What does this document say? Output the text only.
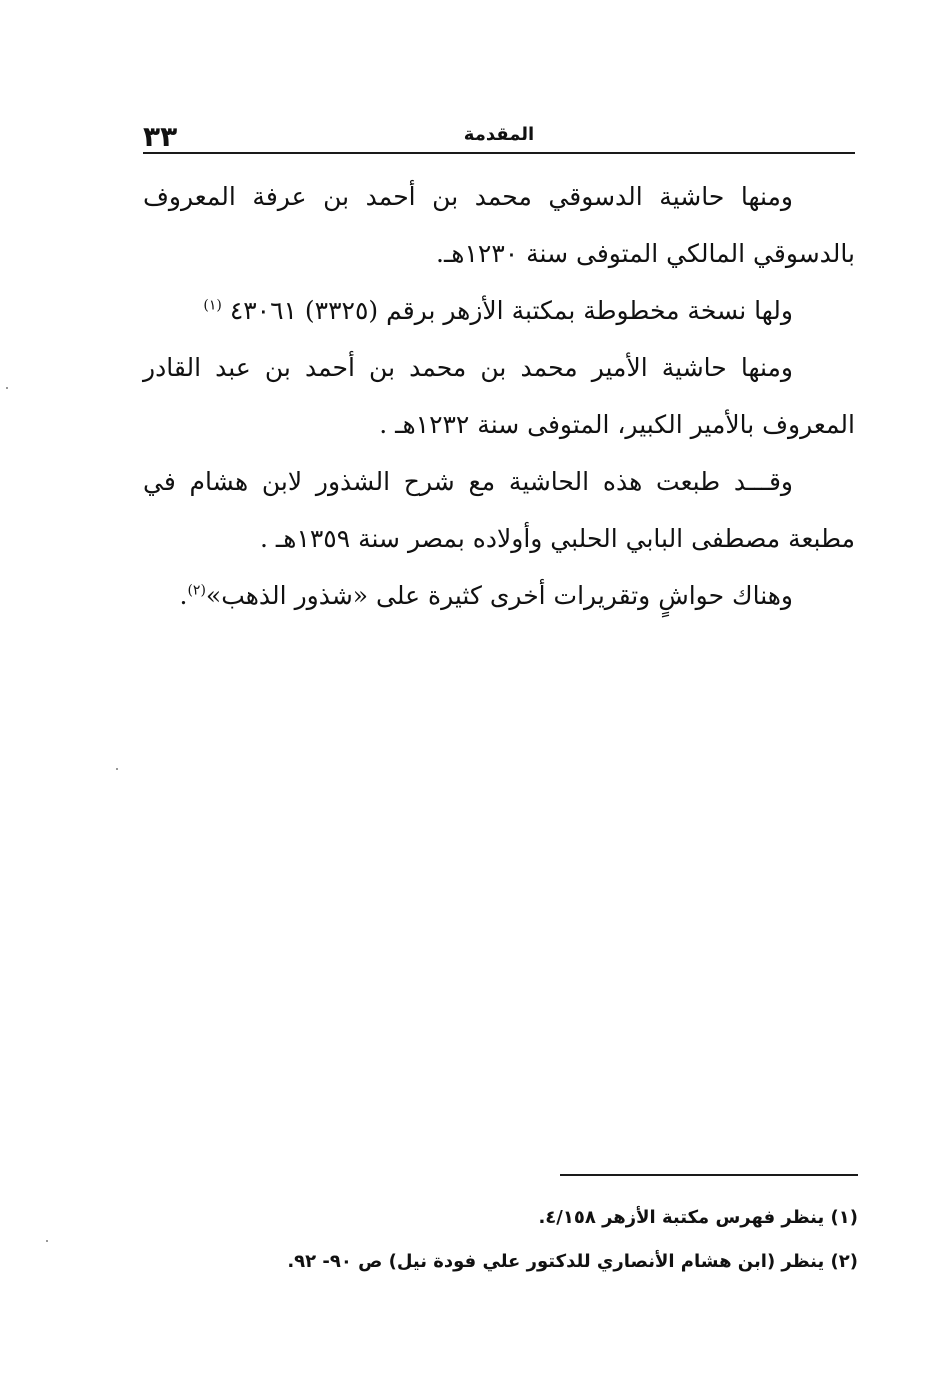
٣٣	المقدمة

ومنها حاشية الدسوقي محمد بن أحمد بن عرفة المعروف بالدسوقي المالكي المتوفى سنة ١٢٣٠هـ.

ولها نسخة مخطوطة بمكتبة الأزهر برقم (٣٣٢٥) ٤٣٠٦١ $^{(١)}$

ومنها حاشية الأمير محمد بن محمد بن أحمد بن عبد القادر المعروف بالأمير الكبير، المتوفى سنة ١٢٣٢هـ .

وقـــد طبعت هذه الحاشية مع شرح الشذور لابن هشام في مطبعة مصطفى البابي الحلبي وأولاده بمصر سنة ١٣٥٩هـ .

وهناك حواشٍ وتقريرات أخرى كثيرة على «شذور الذهب»$^{(٢)}$.

(١) ينظر فهرس مكتبة الأزهر ٤/١٥٨.
(٢) ينظر (ابن هشام الأنصاري للدكتور علي فودة نيل) ص ٩٠- ٩٢.
